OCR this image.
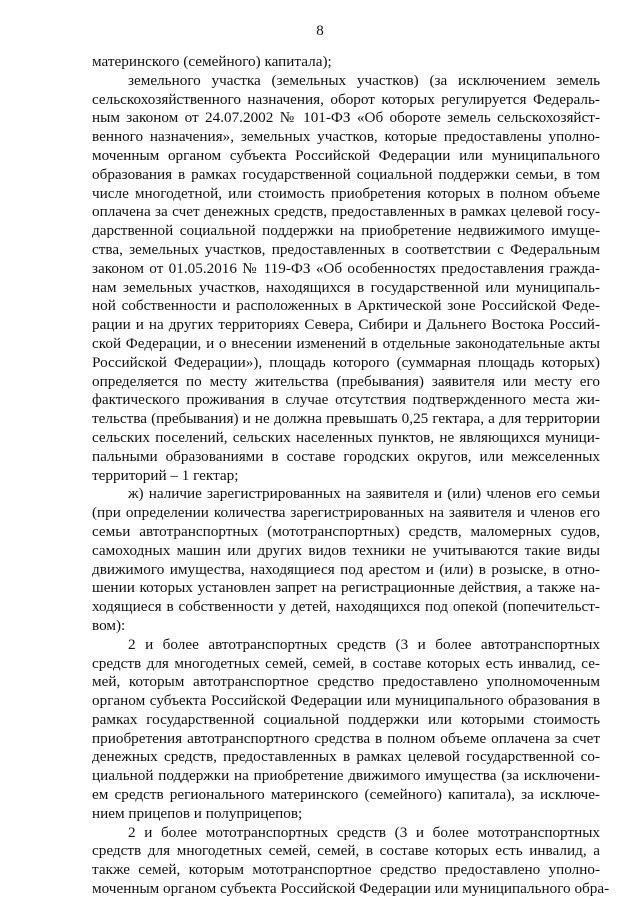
8
материнского (семейного) капитала);
земельного участка (земельных участков) (за исключением земель
сельскохозяйственного назначения, оборот которых регулируется Федераль-
ным законом от 24.07.2002 № 101-ФЗ «Об обороте земель сельскохозяйст-
венного назначения», земельных участков, которые предоставлены уполно-
моченным органом субъекта Российской Федерации или муниципального
образования в рамках государственной социальной поддержки семьи, в том
числе многодетной, или стоимость приобретения которых в полном объеме
оплачена за счет денежных средств, предоставленных в рамках целевой госу-
дарственной социальной поддержки на приобретение недвижимого имуще-
ства, земельных участков, предоставленных в соответствии с Федеральным
законом от 01.05.2016 № 119-ФЗ «Об особенностях предоставления гражда-
нам земельных участков, находящихся в государственной или муниципаль-
ной собственности и расположенных в Арктической зоне Российской Феде-
рации и на других территориях Севера, Сибири и Дальнего Востока Россий-
ской Федерации, и о внесении изменений в отдельные законодательные акты
Российской Федерации»), площадь которого (суммарная площадь которых)
определяется по месту жительства (пребывания) заявителя или месту его
фактического проживания в случае отсутствия подтвержденного места жи-
тельства (пребывания) и не должна превышать 0,25 гектара, а для территории
сельских поселений, сельских населенных пунктов, не являющихся муници-
пальными образованиями в составе городских округов, или межселенных
территорий – 1 гектар;
ж) наличие зарегистрированных на заявителя и (или) членов его семьи
(при определении количества зарегистрированных на заявителя и членов его
семьи автотранспортных (мототранспортных) средств, маломерных судов,
самоходных машин или других видов техники не учитываются такие виды
движимого имущества, находящиеся под арестом и (или) в розыске, в отно-
шении которых установлен запрет на регистрационные действия, а также на-
ходящиеся в собственности у детей, находящихся под опекой (попечительст-
вом):
2 и более автотранспортных средств (3 и более автотранспортных
средств для многодетных семей, семей, в составе которых есть инвалид, се-
мей, которым автотранспортное средство предоставлено уполномоченным
органом субъекта Российской Федерации или муниципального образования в
рамках государственной социальной поддержки или которыми стоимость
приобретения автотранспортного средства в полном объеме оплачена за счет
денежных средств, предоставленных в рамках целевой государственной со-
циальной поддержки на приобретение движимого имущества (за исключени-
ем средств регионального материнского (семейного) капитала), за исключе-
нием прицепов и полуприцепов;
2 и более мототранспортных средств (3 и более мототранспортных
средств для многодетных семей, семей, в составе которых есть инвалид, а
также семей, которым мототранспортное средство предоставлено уполно-
моченным органом субъекта Российской Федерации или муниципального обра-
